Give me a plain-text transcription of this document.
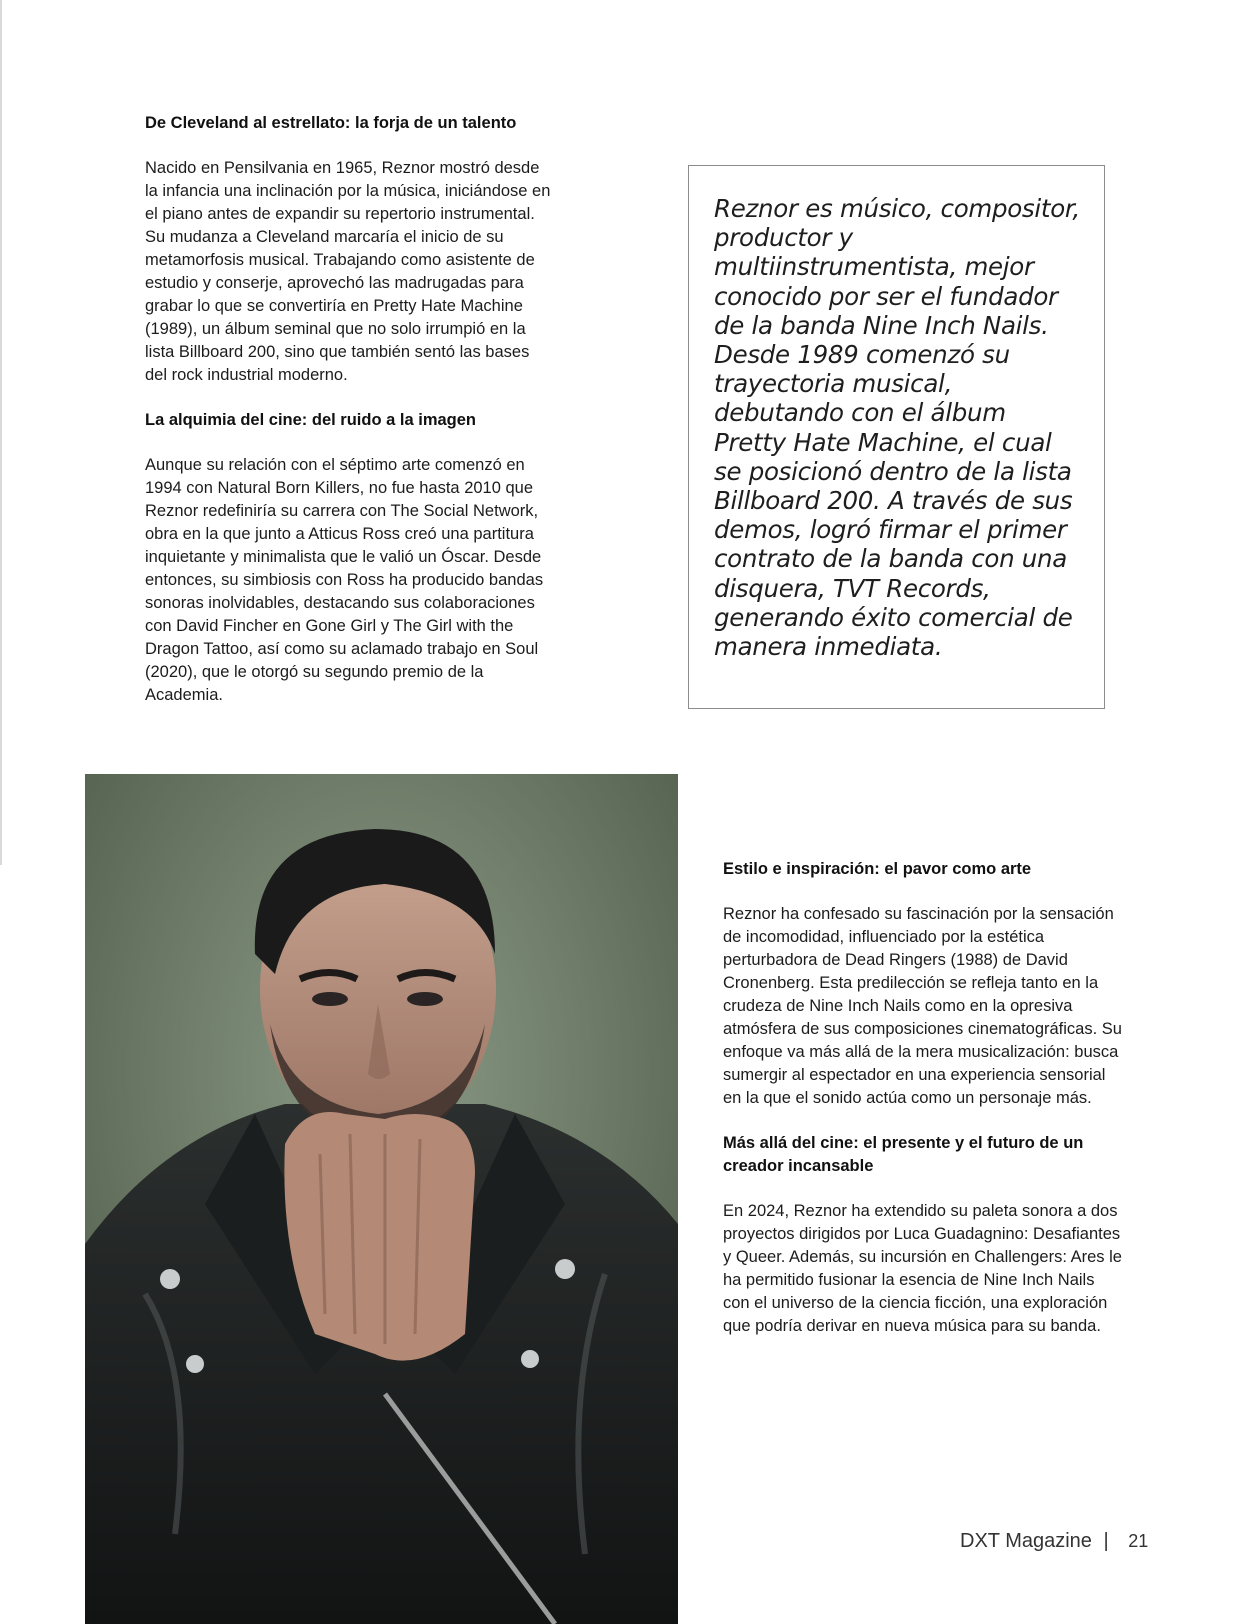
De Cleveland al estrellato: la forja de un talento

Nacido en Pensilvania en 1965, Reznor mostró desde la infancia una inclinación por la música, iniciándose en el piano antes de expandir su repertorio instrumental. Su mudanza a Cleveland marcaría el inicio de su metamorfosis musical. Trabajando como asistente de estudio y conserje, aprovechó las madrugadas para grabar lo que se convertiría en Pretty Hate Machine (1989), un álbum seminal que no solo irrumpió en la lista Billboard 200, sino que también sentó las bases del rock industrial moderno.

La alquimia del cine: del ruido a la imagen

Aunque su relación con el séptimo arte comenzó en 1994 con Natural Born Killers, no fue hasta 2010 que Reznor redefiniría su carrera con The Social Network, obra en la que junto a Atticus Ross creó una partitura inquietante y minimalista que le valió un Óscar. Desde entonces, su simbiosis con Ross ha producido bandas sonoras inolvidables, destacando sus colaboraciones con David Fincher en Gone Girl y The Girl with the Dragon Tattoo, así como su aclamado trabajo en Soul (2020), que le otorgó su segundo premio de la Academia.

Reznor es músico, compositor, productor y multiinstrumentista, mejor conocido por ser el fundador de la banda Nine Inch Nails. Desde 1989 comenzó su trayectoria musical, debutando con el álbum Pretty Hate Machine, el cual se posicionó dentro de la lista Billboard 200. A través de sus demos, logró firmar el primer contrato de la banda con una disquera, TVT Records, generando éxito comercial de manera inmediata.

Estilo e inspiración: el pavor como arte

Reznor ha confesado su fascinación por la sensación de incomodidad, influenciado por la estética perturbadora de Dead Ringers (1988) de David Cronenberg. Esta predilección se refleja tanto en la crudeza de Nine Inch Nails como en la opresiva atmósfera de sus composiciones cinematográficas. Su enfoque va más allá de la mera musicalización: busca sumergir al espectador en una experiencia sensorial en la que el sonido actúa como un personaje más.

Más allá del cine: el presente y el futuro de un creador incansable

En 2024, Reznor ha extendido su paleta sonora a dos proyectos dirigidos por Luca Guadagnino: Desafiantes y Queer. Además, su incursión en Challengers: Ares le ha permitido fusionar la esencia de Nine Inch Nails con el universo de la ciencia ficción, una exploración que podría derivar en nueva música para su banda.

DXT Magazine | 21
